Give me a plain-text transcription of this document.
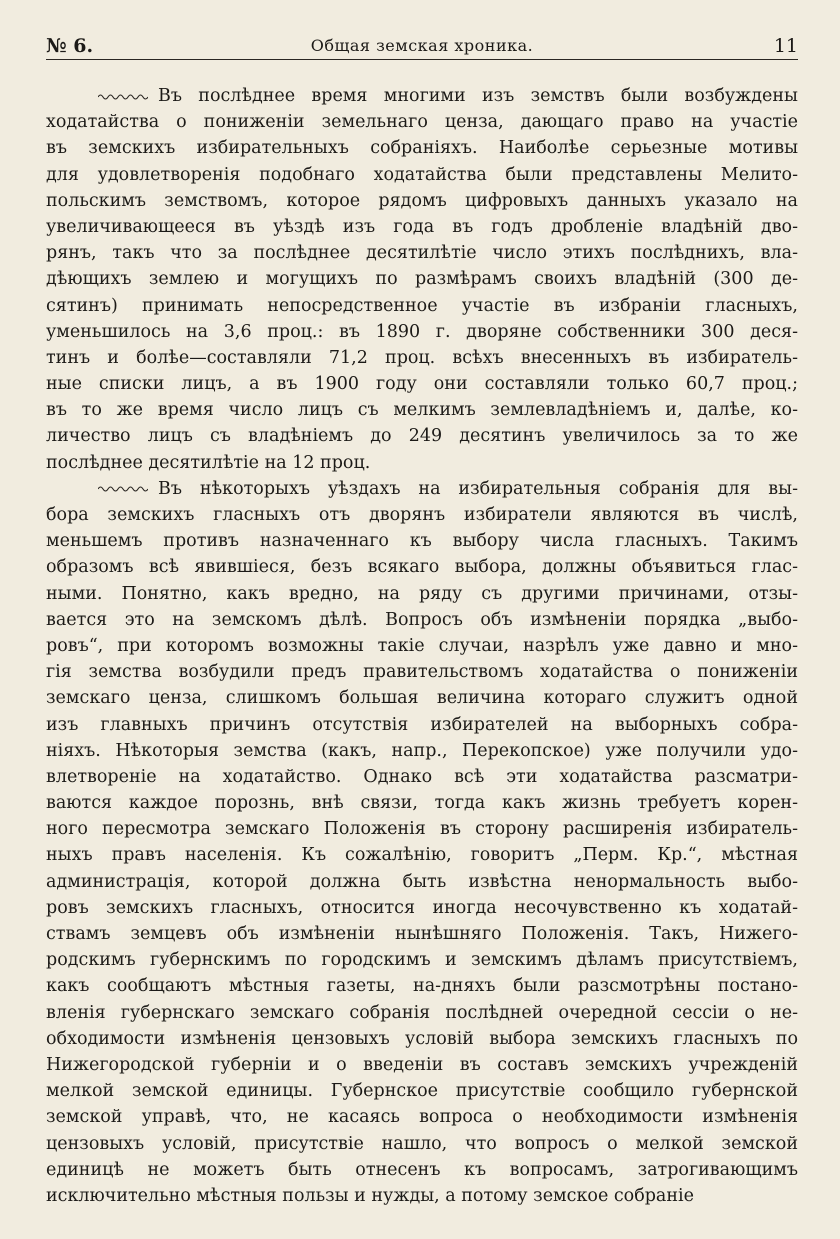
№ 6.	Общая земская хроника.	11
Въ послѣднее время многими изъ земствъ были возбуждены
ходатайства о пониженiи земельнаго ценза, дающаго право на участiе
въ земскихъ избирательныхъ собранiяхъ. Наиболѣе серьезные мотивы
для удовлетворенiя подобнаго ходатайства были представлены Мелито-
польскимъ земствомъ, которое рядомъ цифровыхъ данныхъ указало на
увеличивающееся въ уѣздѣ изъ года въ годъ дробленiе владѣнiй дво-
рянъ, такъ что за послѣднее десятилѣтiе число этихъ послѣднихъ, вла-
дѣющихъ землею и могущихъ по размѣрамъ своихъ владѣнiй (300 де-
сятинъ) принимать непосредственное участiе въ избранiи гласныхъ,
уменьшилось на 3,6 проц.: въ 1890 г. дворяне собственники 300 деся-
тинъ и болѣе—составляли 71,2 проц. всѣхъ внесенныхъ въ избиратель-
ные списки лицъ, а въ 1900 году они составляли только 60,7 проц.;
въ то же время число лицъ съ мелкимъ землевладѣнiемъ и, далѣе, ко-
личество лицъ съ владѣнiемъ до 249 десятинъ увеличилось за то же
послѣднее десятилѣтiе на 12 проц.
Въ нѣкоторыхъ уѣздахъ на избирательныя собранiя для вы-
бора земскихъ гласныхъ отъ дворянъ избиратели являются въ числѣ,
меньшемъ противъ назначеннаго къ выбору числа гласныхъ. Такимъ
образомъ всѣ явившiеся, безъ всякаго выбора, должны объявиться глас-
ными. Понятно, какъ вредно, на ряду съ другими причинами, отзы-
вается это на земскомъ дѣлѣ. Вопросъ объ измѣненiи порядка „выбо-
ровъ“, при которомъ возможны такiе случаи, назрѣлъ уже давно и мно-
гiя земства возбудили предъ правительствомъ ходатайства о пониженiи
земскаго ценза, слишкомъ большая величина котораго служитъ одной
изъ главныхъ причинъ отсутствiя избирателей на выборныхъ собра-
нiяхъ. Нѣкоторыя земства (какъ, напр., Перекопское) уже получили удо-
влетворенiе на ходатайство. Однако всѣ эти ходатайства разсматри-
ваются каждое порознь, внѣ связи, тогда какъ жизнь требуетъ корен-
ного пересмотра земскаго Положенiя въ сторону расширенiя избиратель-
ныхъ правъ населенiя. Къ сожалѣнiю, говоритъ „Перм. Кр.“, мѣстная
администрацiя, которой должна быть извѣстна ненормальность выбо-
ровъ земскихъ гласныхъ, относится иногда несочувственно къ ходатай-
ствамъ земцевъ объ измѣненiи нынѣшняго Положенiя. Такъ, Нижего-
родскимъ губернскимъ по городскимъ и земскимъ дѣламъ присутствiемъ,
какъ сообщаютъ мѣстныя газеты, на-дняхъ были разсмотрѣны постано-
вленiя губернскаго земскаго собранiя послѣдней очередной сессiи о не-
обходимости измѣненiя цензовыхъ условiй выбора земскихъ гласныхъ по
Нижегородской губернiи и о введенiи въ составъ земскихъ учрежденiй
мелкой земской единицы. Губернское присутствiе сообщило губернской
земской управѣ, что, не касаясь вопроса о необходимости измѣненiя
цензовыхъ условiй, присутствiе нашло, что вопросъ о мелкой земской
единицѣ не можетъ быть отнесенъ къ вопросамъ, затрогивающимъ
исключительно мѣстныя пользы и нужды, а потому земское собранiе
